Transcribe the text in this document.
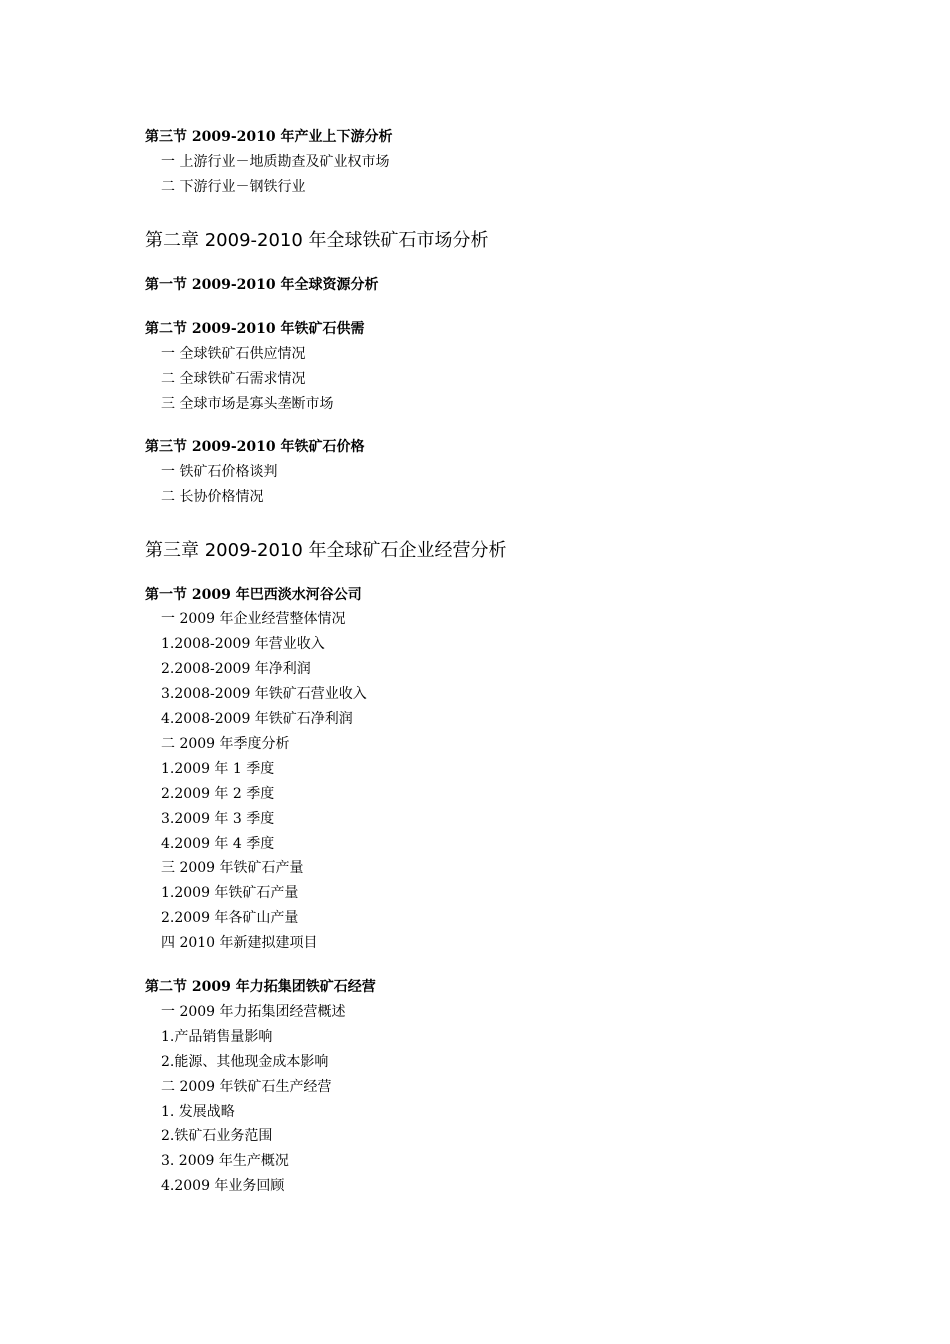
第三节 2009-2010 年产业上下游分析
一 上游行业－地质勘查及矿业权市场
二 下游行业－钢铁行业
第二章 2009-2010 年全球铁矿石市场分析
第一节 2009-2010 年全球资源分析
第二节 2009-2010 年铁矿石供需
一 全球铁矿石供应情况
二 全球铁矿石需求情况
三 全球市场是寡头垄断市场
第三节 2009-2010 年铁矿石价格
一 铁矿石价格谈判
二 长协价格情况
第三章 2009-2010 年全球矿石企业经营分析
第一节 2009 年巴西淡水河谷公司
一 2009 年企业经营整体情况
1.2008-2009 年营业收入
2.2008-2009 年净利润
3.2008-2009 年铁矿石营业收入
4.2008-2009 年铁矿石净利润
二 2009 年季度分析
1.2009 年 1 季度
2.2009 年 2 季度
3.2009 年 3 季度
4.2009 年 4 季度
三 2009 年铁矿石产量
1.2009 年铁矿石产量
2.2009 年各矿山产量
四 2010 年新建拟建项目
第二节 2009 年力拓集团铁矿石经营
一 2009 年力拓集团经营概述
1.产品销售量影响
2.能源、其他现金成本影响
二 2009 年铁矿石生产经营
1. 发展战略
2.铁矿石业务范围
3. 2009 年生产概况
4.2009 年业务回顾
